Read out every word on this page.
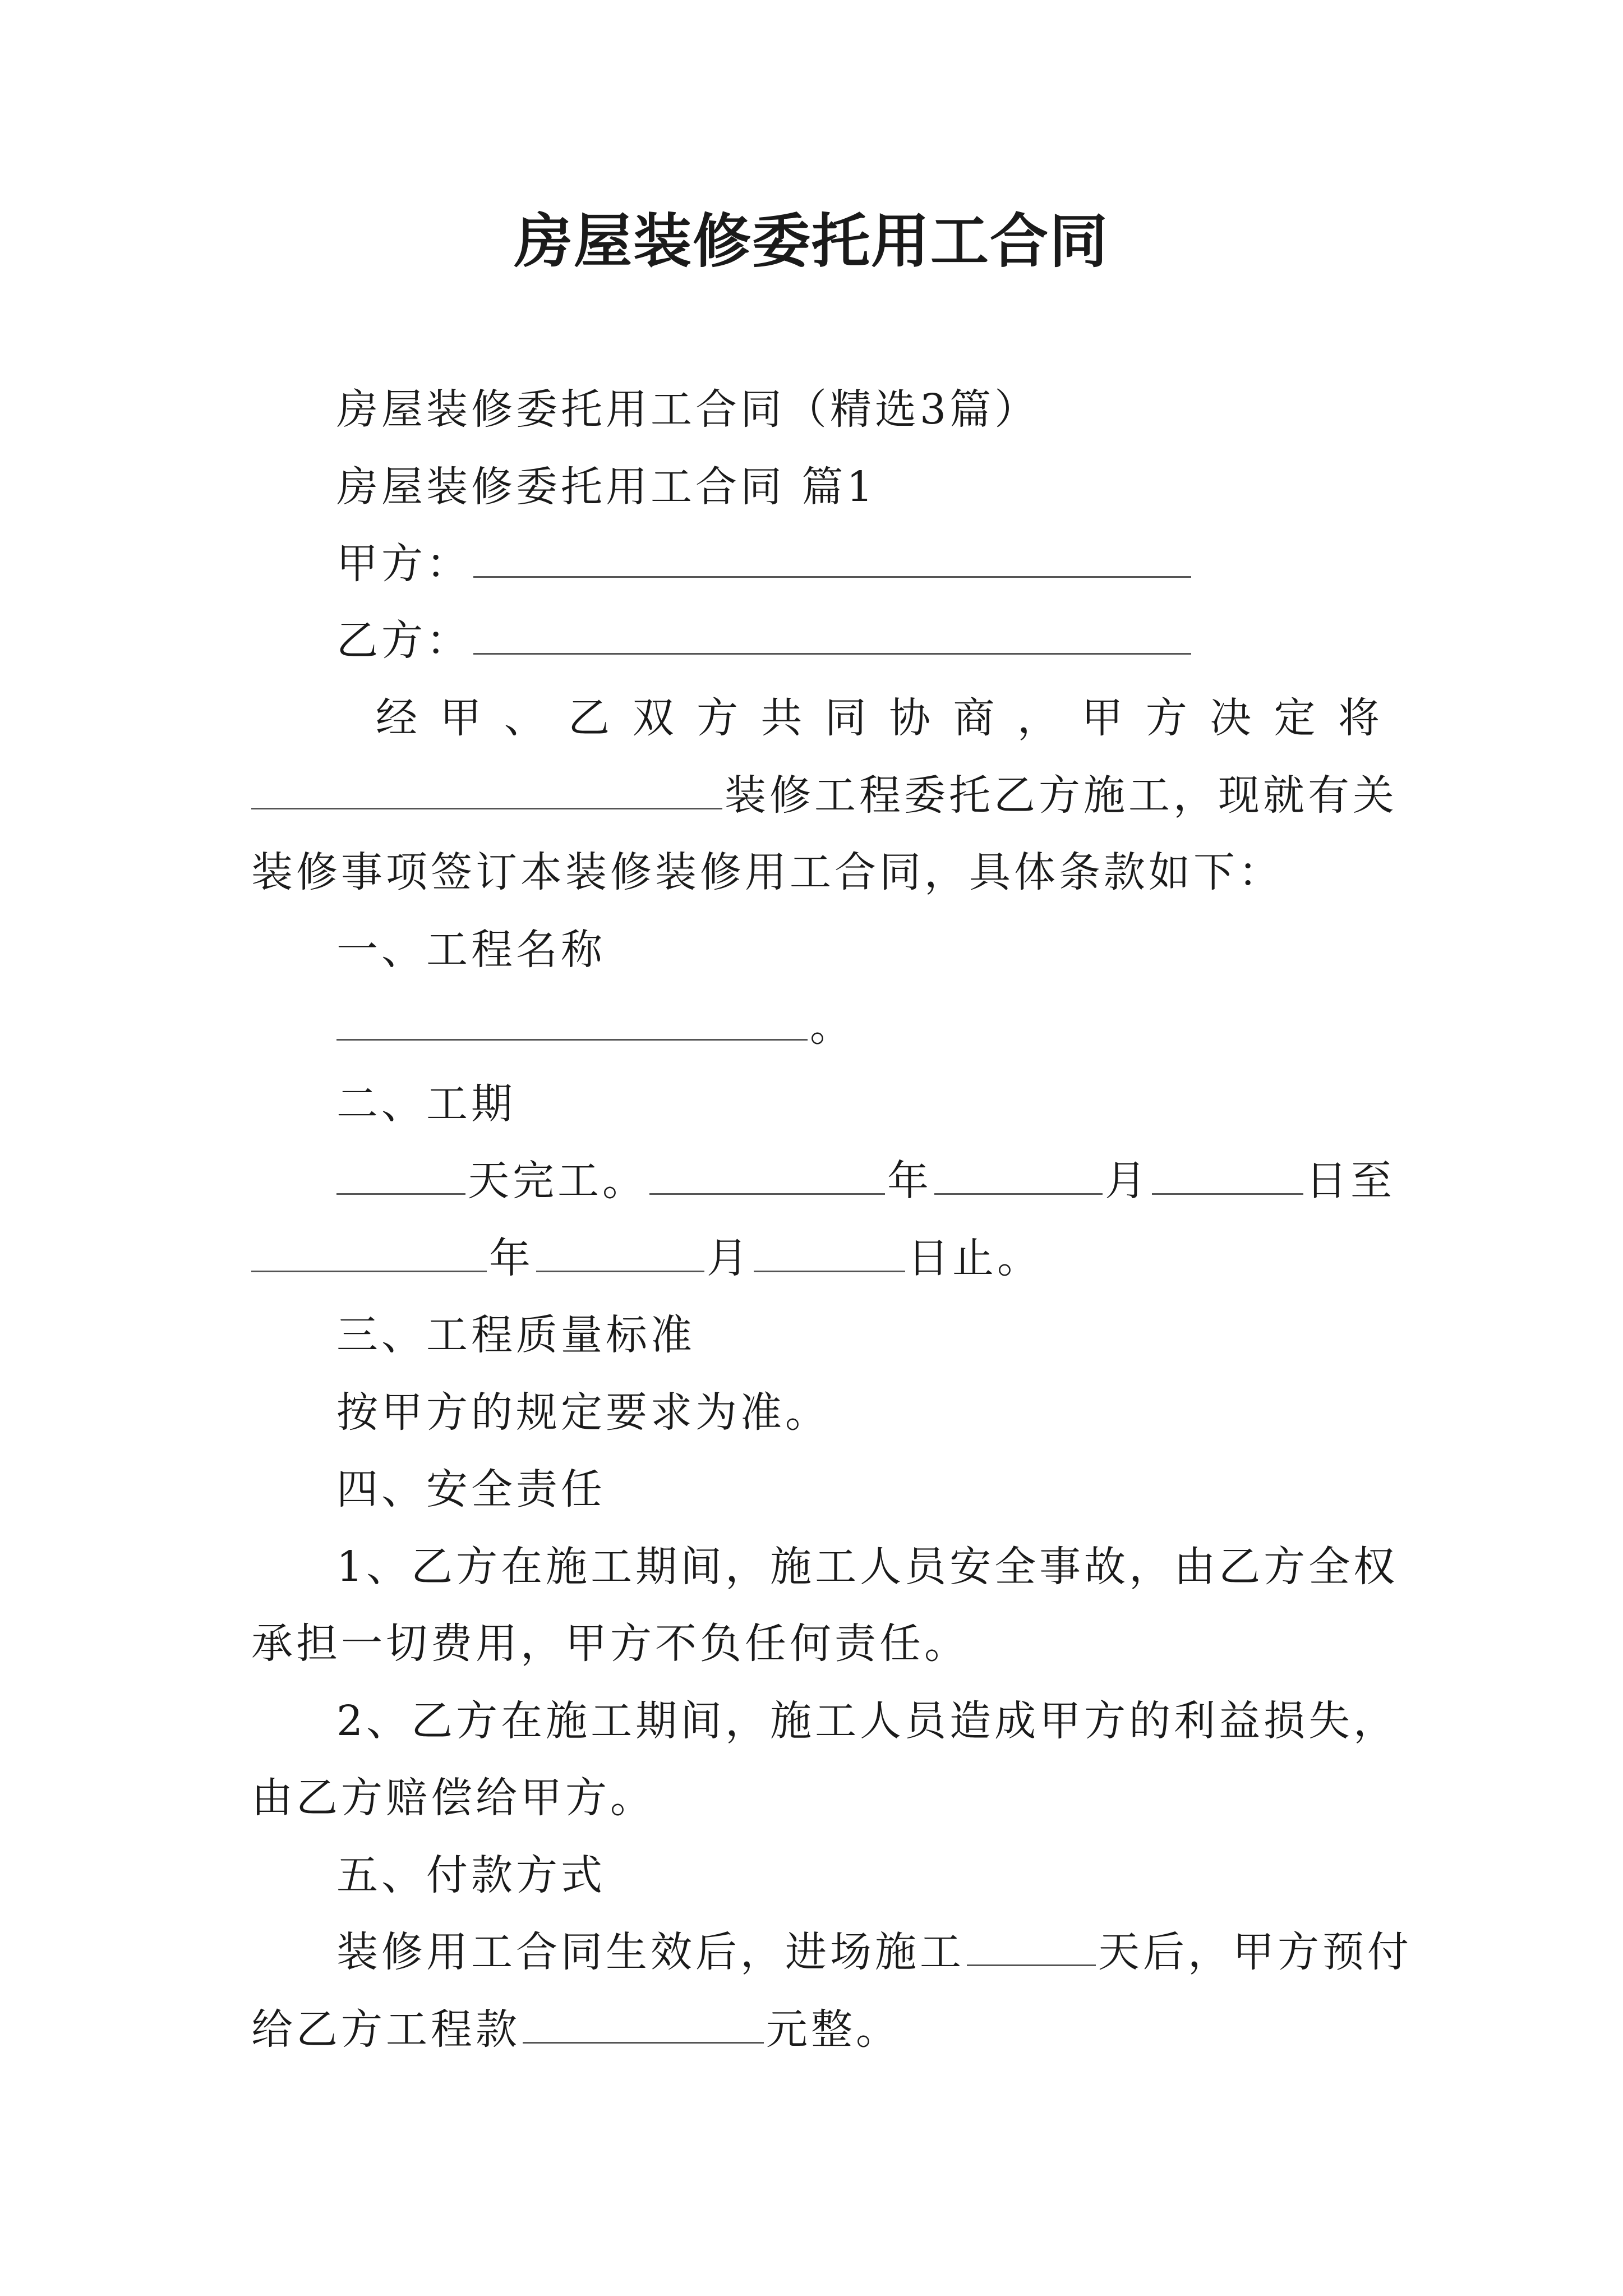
房屋装修委托用工合同
房屋装修委托用工合同（精选3篇）
房屋装修委托用工合同 篇1
甲方：
乙方：
经 甲 、 乙 双 方 共 同 协 商 ， 甲 方 决 定 将
装修工程委托乙方施工，现就有关
装修事项签订本装修装修用工合同，具体条款如下：
一、工程名称
。
二、工期
天完工。	年	月	日至
年	月	日止。
三、工程质量标准
按甲方的规定要求为准。
四、安全责任
1、乙方在施工期间，施工人员安全事故，由乙方全权
承担一切费用，甲方不负任何责任。
2、乙方在施工期间，施工人员造成甲方的利益损失，
由乙方赔偿给甲方。
五、付款方式
装修用工合同生效后，进场施工	天后，甲方预付
给乙方工程款	元整。
